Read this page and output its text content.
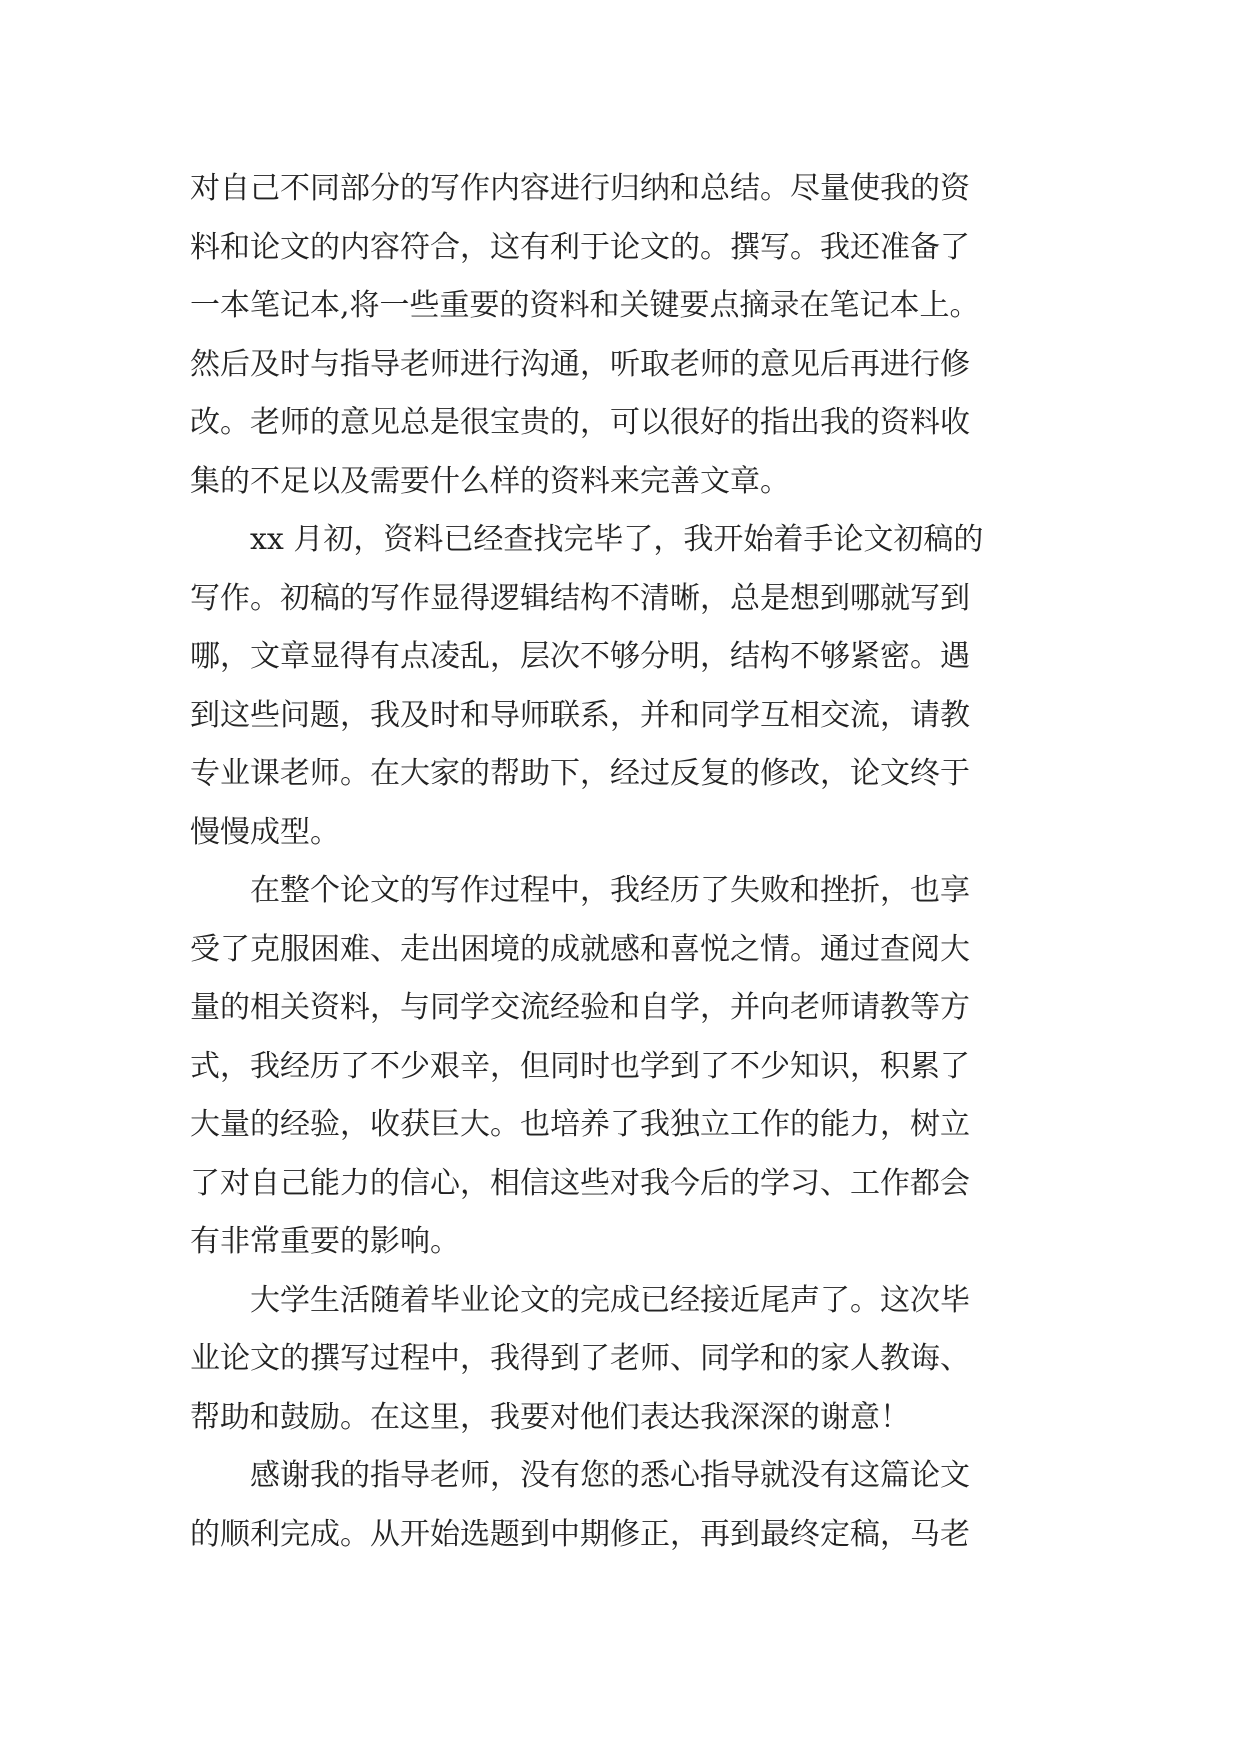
对自己不同部分的写作内容进行归纳和总结。尽量使我的资
料和论文的内容符合，这有利于论文的。撰写。我还准备了
一本笔记本,将一些重要的资料和关键要点摘录在笔记本上。
然后及时与指导老师进行沟通，听取老师的意见后再进行修
改。老师的意见总是很宝贵的，可以很好的指出我的资料收
集的不足以及需要什么样的资料来完善文章。
xx 月初，资料已经查找完毕了，我开始着手论文初稿的
写作。初稿的写作显得逻辑结构不清晰，总是想到哪就写到
哪，文章显得有点凌乱，层次不够分明，结构不够紧密。遇
到这些问题，我及时和导师联系，并和同学互相交流，请教
专业课老师。在大家的帮助下，经过反复的修改，论文终于
慢慢成型。
在整个论文的写作过程中，我经历了失败和挫折，也享
受了克服困难、走出困境的成就感和喜悦之情。通过查阅大
量的相关资料，与同学交流经验和自学，并向老师请教等方
式，我经历了不少艰辛，但同时也学到了不少知识，积累了
大量的经验，收获巨大。也培养了我独立工作的能力，树立
了对自己能力的信心，相信这些对我今后的学习、工作都会
有非常重要的影响。
大学生活随着毕业论文的完成已经接近尾声了。这次毕
业论文的撰写过程中，我得到了老师、同学和的家人教诲、
帮助和鼓励。在这里，我要对他们表达我深深的谢意！
感谢我的指导老师，没有您的悉心指导就没有这篇论文
的顺利完成。从开始选题到中期修正，再到最终定稿，马老
